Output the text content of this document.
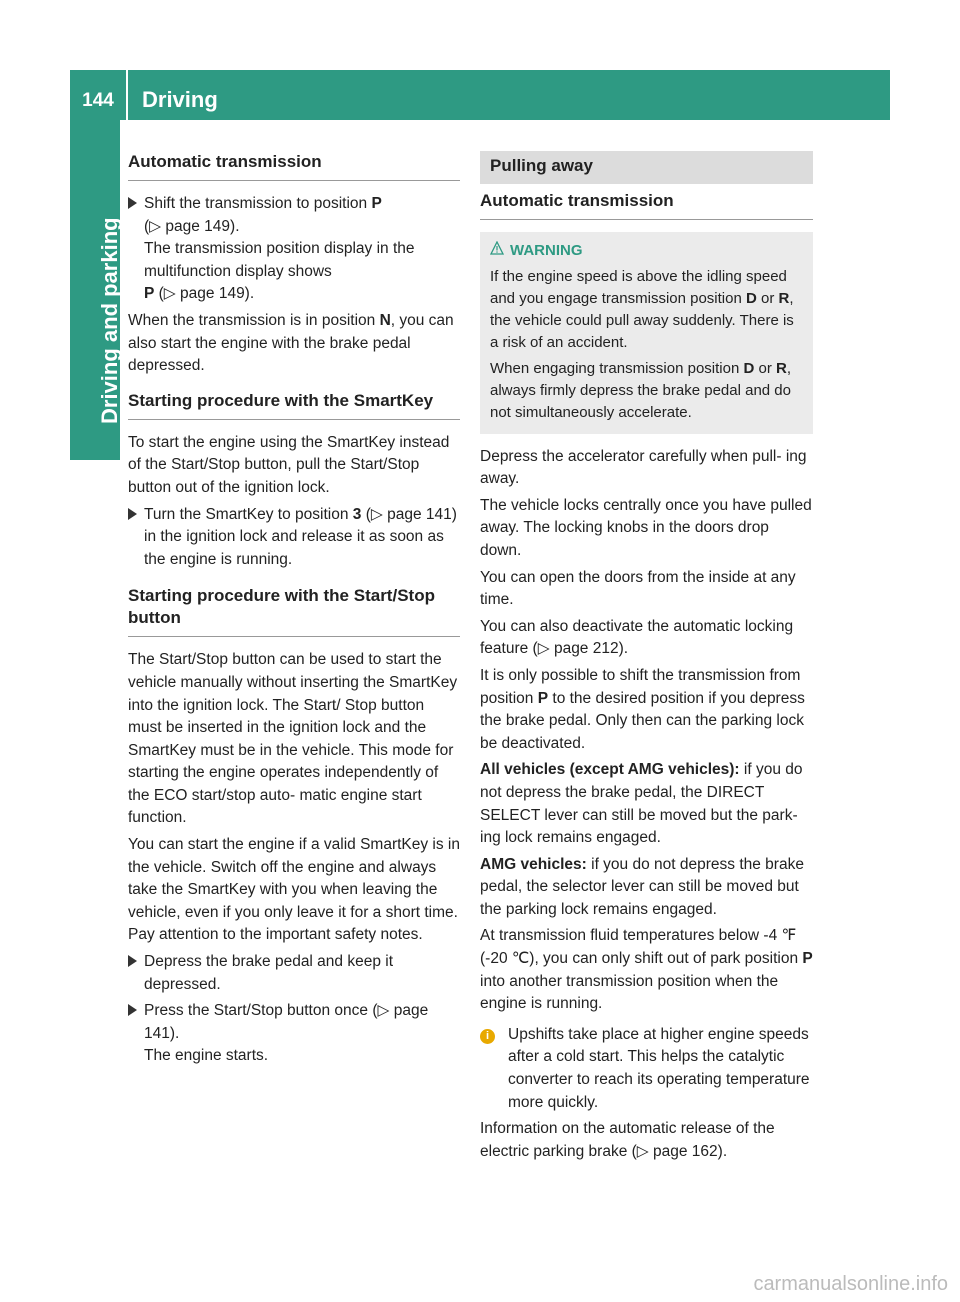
144	Driving
Driving and parking
Automatic transmission
Shift the transmission to position P
(▷ page 149).
The transmission position display in the multifunction display shows
P (▷ page 149).
When the transmission is in position N, you can also start the engine with the brake pedal depressed.
Starting procedure with the SmartKey
To start the engine using the SmartKey instead of the Start/Stop button, pull the Start/Stop button out of the ignition lock.
Turn the SmartKey to position 3 (▷ page 141) in the ignition lock and release it as soon as the engine is running.
Starting procedure with the Start/Stop button
The Start/Stop button can be used to start the vehicle manually without inserting the SmartKey into the ignition lock. The Start/ Stop button must be inserted in the ignition lock and the SmartKey must be in the vehicle. This mode for starting the engine operates independently of the ECO start/stop auto- matic engine start function.
You can start the engine if a valid SmartKey is in the vehicle. Switch off the engine and always take the SmartKey with you when leaving the vehicle, even if you only leave it for a short time. Pay attention to the important safety notes.
Depress the brake pedal and keep it depressed.
Press the Start/Stop button once (▷ page 141).
The engine starts.
Pulling away
Automatic transmission
WARNING
If the engine speed is above the idling speed and you engage transmission position D or R, the vehicle could pull away suddenly. There is a risk of an accident.
When engaging transmission position D or R, always firmly depress the brake pedal and do not simultaneously accelerate.
Depress the accelerator carefully when pull- ing away.
The vehicle locks centrally once you have pulled away. The locking knobs in the doors drop down.
You can open the doors from the inside at any time.
You can also deactivate the automatic locking feature (▷ page 212).
It is only possible to shift the transmission from position P to the desired position if you depress the brake pedal. Only then can the parking lock be deactivated.
All vehicles (except AMG vehicles): if you do not depress the brake pedal, the DIRECT SELECT lever can still be moved but the park- ing lock remains engaged.
AMG vehicles: if you do not depress the brake pedal, the selector lever can still be moved but the parking lock remains engaged.
At transmission fluid temperatures below -4 ℉ (-20 ℃), you can only shift out of park position P into another transmission position when the engine is running.
i	Upshifts take place at higher engine speeds after a cold start. This helps the catalytic converter to reach its operating temperature more quickly.
Information on the automatic release of the electric parking brake (▷ page 162).
carmanualsonline.info
